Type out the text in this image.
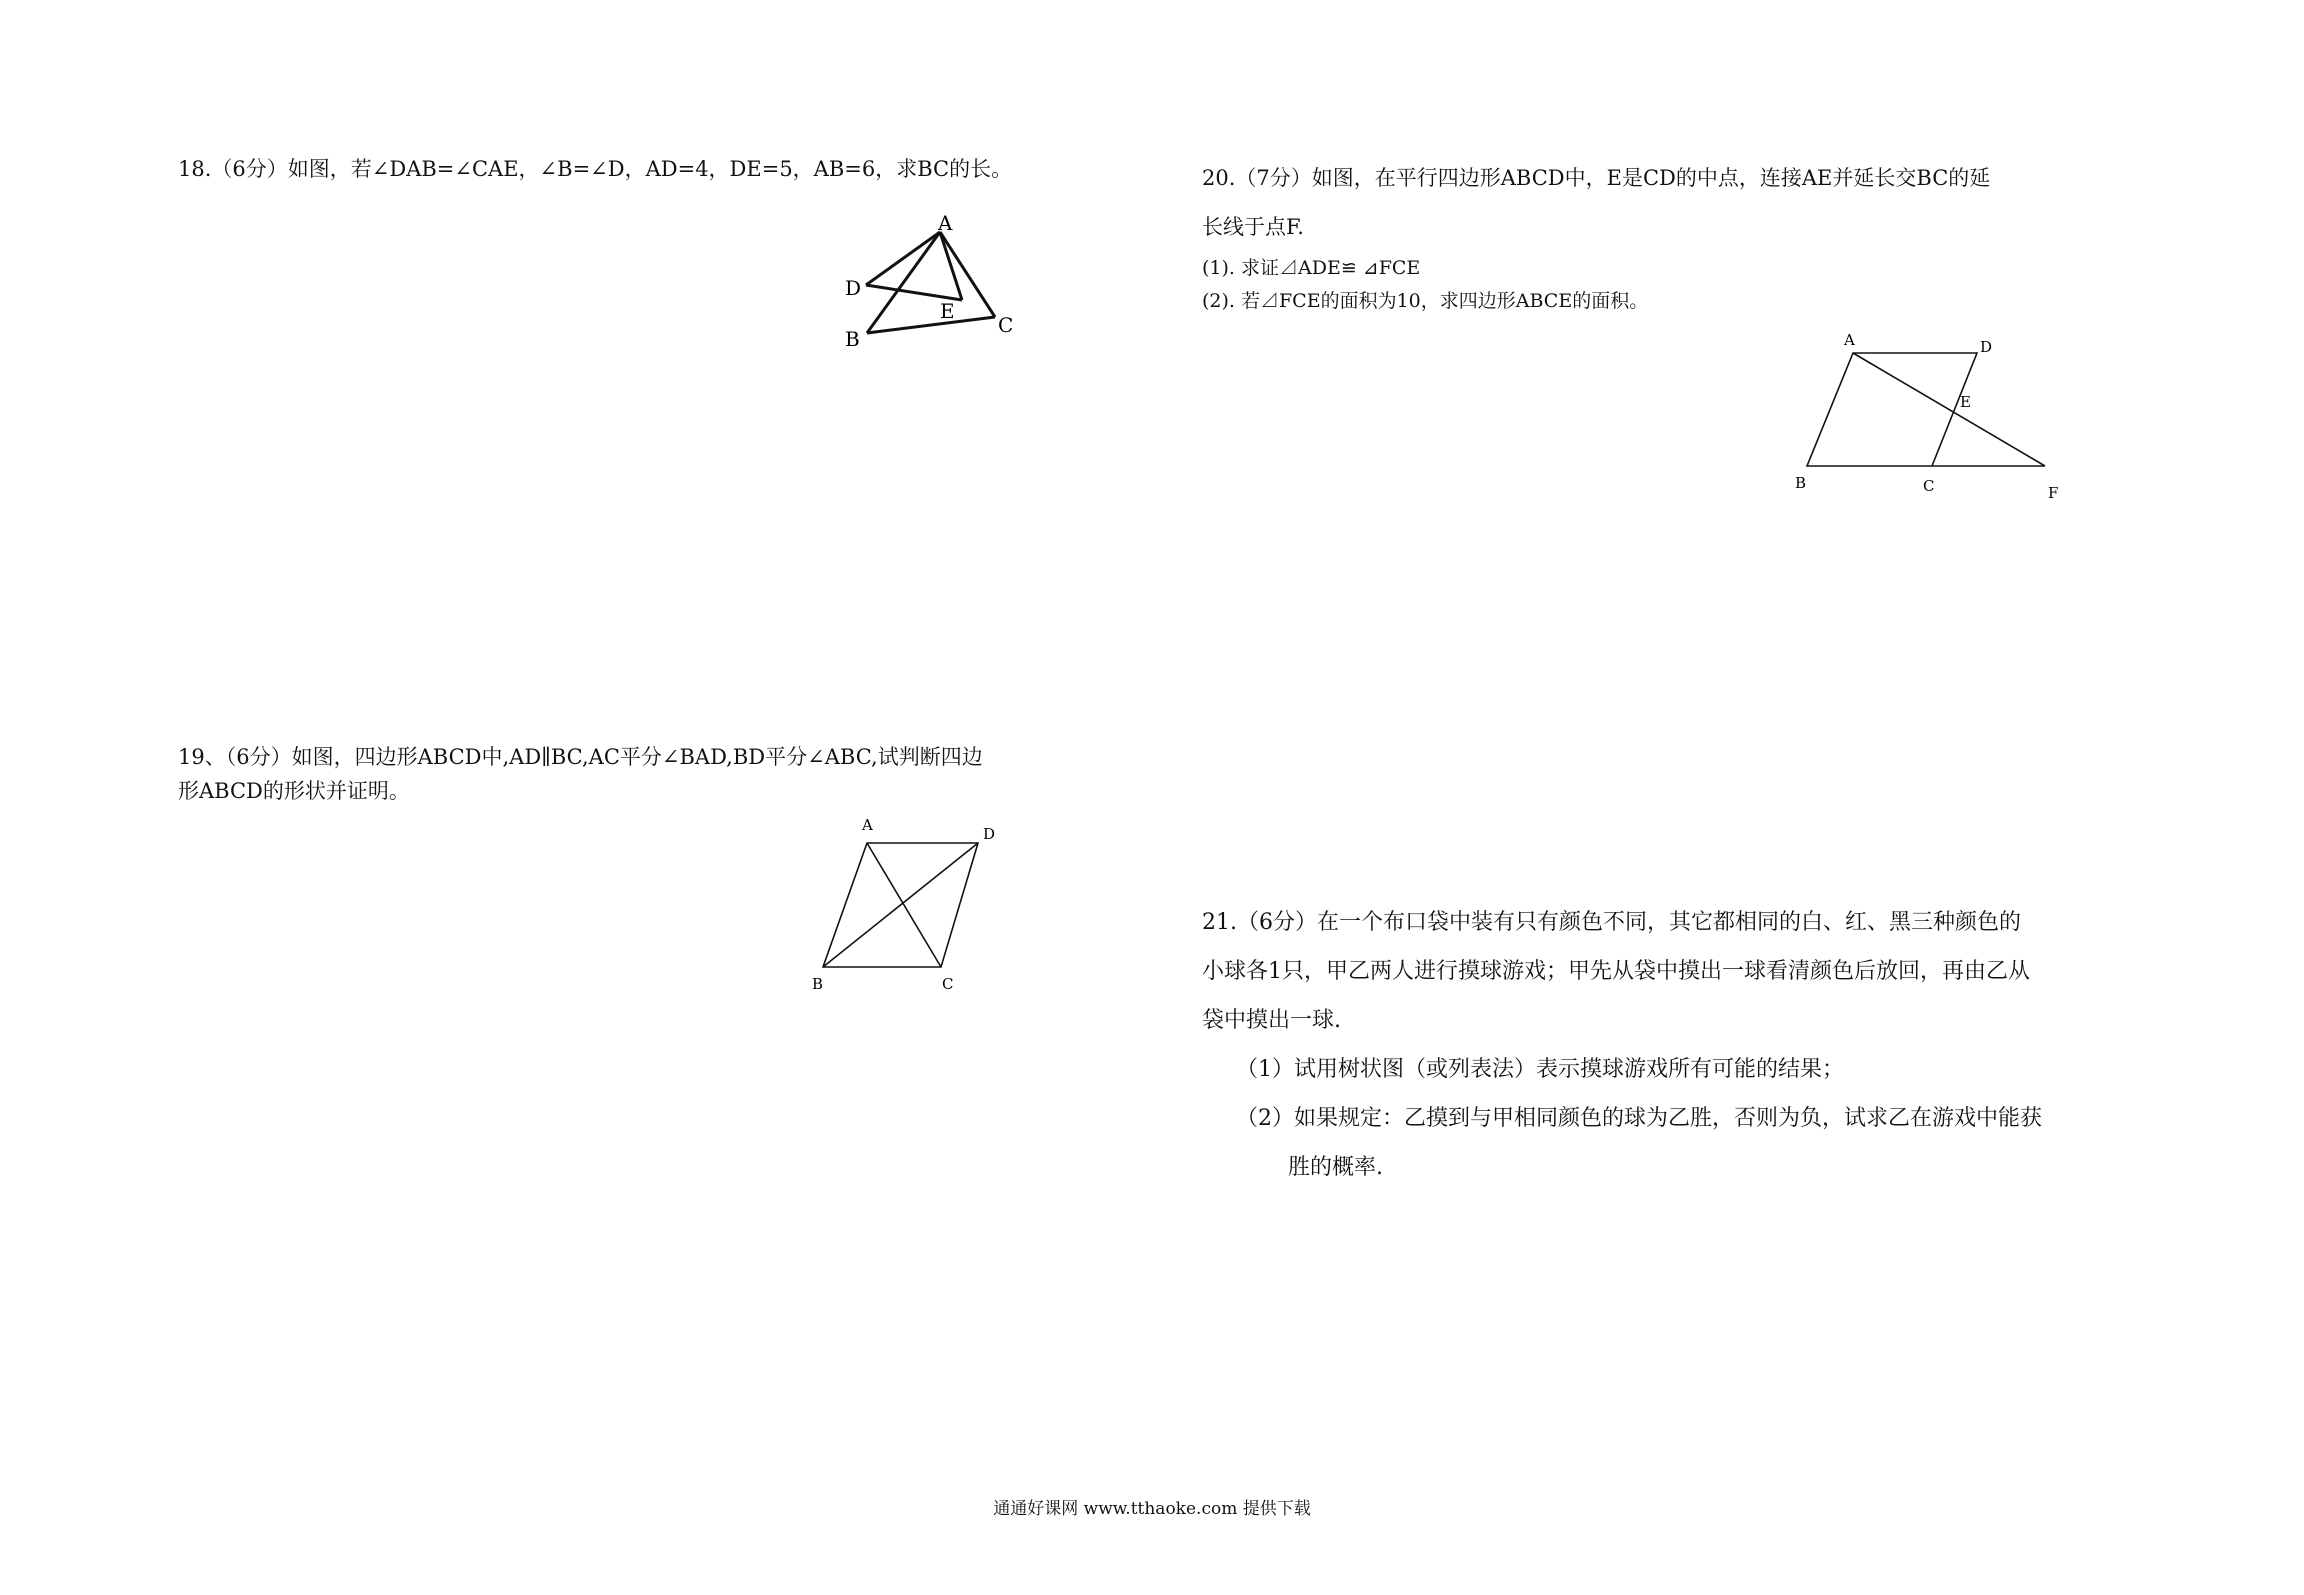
18.（6分）如图，若∠DAB=∠CAE，∠B=∠D，AD=4，DE=5，AB=6，求BC的长。
A
D
E
B
C
19、（6分）如图，四边形ABCD中,AD∥BC,AC平分∠BAD,BD平分∠ABC,试判断四边
形ABCD的形状并证明。
A	D
B	C
20.（7分）如图，在平行四边形ABCD中，E是CD的中点，连接AE并延长交BC的延
长线于点F.
(1). 求证⊿ADE≌ ⊿FCE
(2). 若⊿FCE的面积为10，求四边形ABCE的面积。
A	D
E
B	C	F
21.（6分）在一个布口袋中装有只有颜色不同，其它都相同的白、红、黑三种颜色的
小球各1只，甲乙两人进行摸球游戏；甲先从袋中摸出一球看清颜色后放回，再由乙从
袋中摸出一球.
（1）试用树状图（或列表法）表示摸球游戏所有可能的结果；
（2）如果规定：乙摸到与甲相同颜色的球为乙胜，否则为负，试求乙在游戏中能获
胜的概率.
通通好课网 www.tthaoke.com 提供下载
